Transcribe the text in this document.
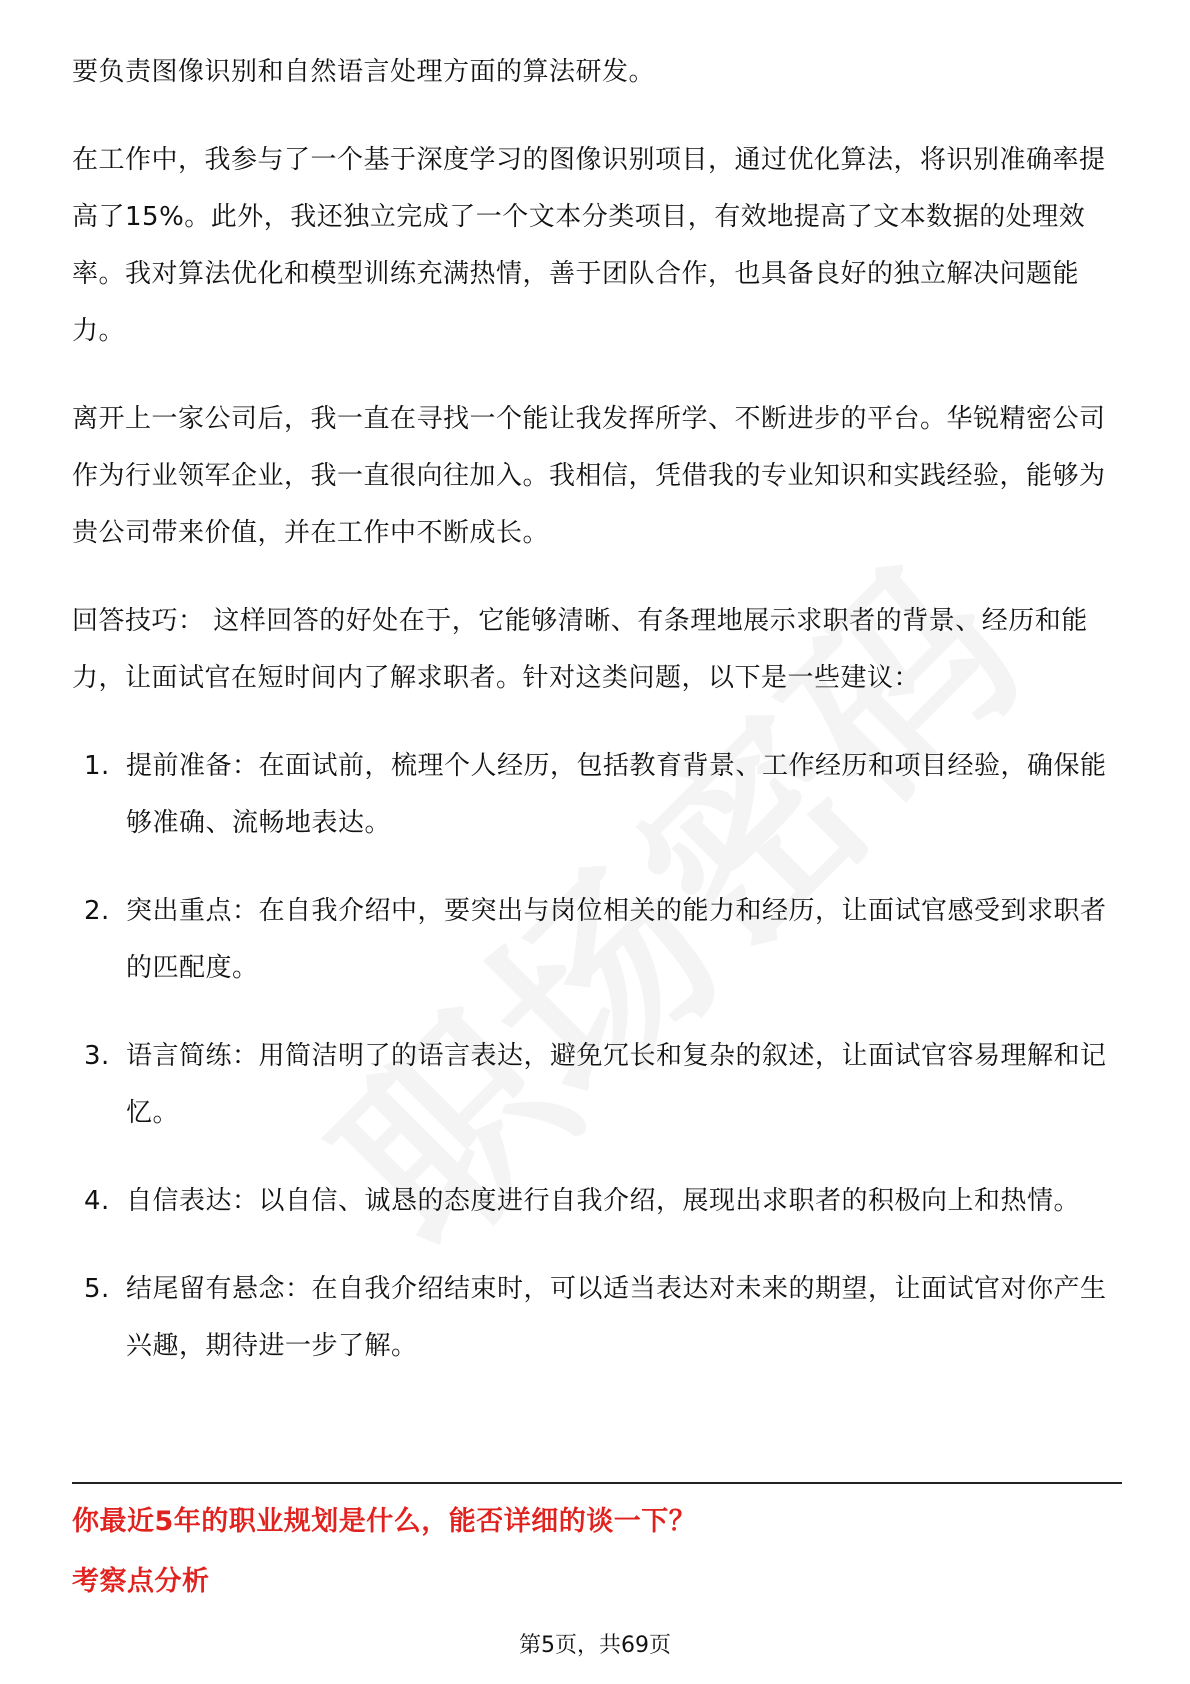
要负责图像识别和自然语言处理方面的算法研发。

在工作中，我参与了一个基于深度学习的图像识别项目，通过优化算法，将识别准确率提高了15%。此外，我还独立完成了一个文本分类项目，有效地提高了文本数据的处理效率。我对算法优化和模型训练充满热情，善于团队合作，也具备良好的独立解决问题能力。

离开上一家公司后，我一直在寻找一个能让我发挥所学、不断进步的平台。华锐精密公司作为行业领军企业，我一直很向往加入。我相信，凭借我的专业知识和实践经验，能够为贵公司带来价值，并在工作中不断成长。

回答技巧： 这样回答的好处在于，它能够清晰、有条理地展示求职者的背景、经历和能力，让面试官在短时间内了解求职者。针对这类问题，以下是一些建议：

1. 提前准备：在面试前，梳理个人经历，包括教育背景、工作经历和项目经验，确保能够准确、流畅地表达。
2. 突出重点：在自我介绍中，要突出与岗位相关的能力和经历，让面试官感受到求职者的匹配度。
3. 语言简练：用简洁明了的语言表达，避免冗长和复杂的叙述，让面试官容易理解和记忆。
4. 自信表达：以自信、诚恳的态度进行自我介绍，展现出求职者的积极向上和热情。
5. 结尾留有悬念：在自我介绍结束时，可以适当表达对未来的期望，让面试官对你产生兴趣，期待进一步了解。
你最近5年的职业规划是什么，能否详细的谈一下？
考察点分析
第5页，共69页
